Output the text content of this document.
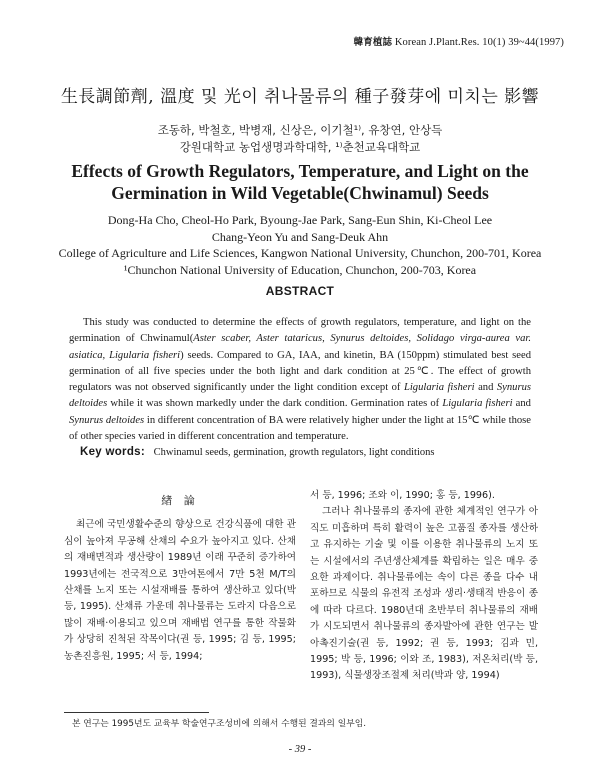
韓育植誌 Korean J.Plant.Res. 10(1) 39~44(1997)
生長調節劑, 溫度 및 光이 취나물류의 種子發芽에 미치는 影響
조동하, 박철호, 박병재, 신상은, 이기철¹⁾, 유창연, 안상득
강원대학교 농업생명과학대학, ¹⁾춘천교육대학교
Effects of Growth Regulators, Temperature, and Light on the
Germination in Wild Vegetable(Chwinamul) Seeds
Dong-Ha Cho, Cheol-Ho Park, Byoung-Jae Park, Sang-Eun Shin, Ki-Cheol Lee
Chang-Yeon Yu and Sang-Deuk Ahn
College of Agriculture and Life Sciences, Kangwon National University, Chunchon, 200-701, Korea
¹Chunchon National University of Education, Chunchon, 200-703, Korea
ABSTRACT
This study was conducted to determine the effects of growth regulators, temperature, and light on the germination of Chwinamul(Aster scaber, Aster tataricus, Synurus deltoides, Solidago virga-aurea var. asiatica, Ligularia fisheri) seeds. Compared to GA, IAA, and kinetin, BA (150ppm) stimulated best seed germination of all five species under the both light and dark condition at 25℃. The effect of growth regulators was not observed significantly under the light condition except of Ligularia fisheri and Synurus deltoides while it was shown markedly under the dark condition. Germination rates of Ligularia fisheri and Synurus deltoides in different concentration of BA were relatively higher under the light at 15℃ while those of other species varied in different concentration and temperature.
Key words: Chwinamul seeds, germination, growth regulators, light conditions
緖 論

최근에 국민생활수준의 향상으로 건강식품에 대한 관심이 높아져 무공해 산채의 수요가 높아지고 있다. 산채의 재배면적과 생산량이 1989년 이래 꾸준히 증가하여 1993년에는 전국적으로 3만여톤에서 7만 5천 M/T의 산채를 노지 또는 시설재배를 통하여 생산하고 있다(박 등, 1995). 산채류 가운데 취나물류는 도라지 다음으로 많이 재배·이용되고 있으며 재배법 연구를 통한 작물화가 상당히 진척된 작목이다(권 등, 1995; 김 등, 1995; 농촌진흥원, 1995; 서 등, 1994;

서 등, 1996; 조와 이, 1990; 홍 등, 1996).

그러나 취나물류의 종자에 관한 체계적인 연구가 아직도 미흡하며 특히 활력이 높은 고품질 종자를 생산하고 유지하는 기술 및 이를 이용한 취나물류의 노지 또는 시설에서의 주년생산체계를 확립하는 일은 매우 중요한 과제이다. 취나물류에는 속이 다른 종을 다수 내포하므로 식물의 유전적 조성과 생리·생태적 반응이 종에 따라 다르다. 1980년대 초반부터 취나물류의 재배가 시도되면서 취나물류의 종자발아에 관한 연구는 발아촉진기술(권 등, 1992; 권 등, 1993; 김과 민, 1995; 박 등, 1996; 이와 조, 1983), 저온처리(박 등, 1993), 식물생장조절제 처리(박과 양, 1994)

본 연구는 1995년도 교육부 학술연구조성비에 의해서 수행된 결과의 일부임.
- 39 -
